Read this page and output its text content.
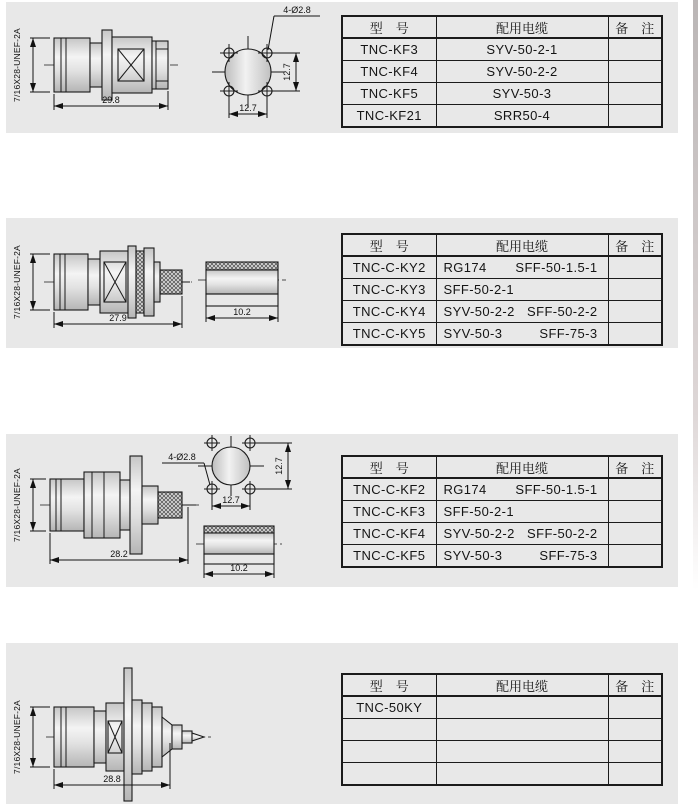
7/16X28-UNEF-2A	29.8
4-Ø2.8
12.7
12.7
型　号	配用电缆	备　注
TNC-KF3	SYV-50-2-1	

TNC-KF4	SYV-50-2-2	

TNC-KF5	SYV-50-3	

TNC-KF21	SRR50-4	

7/16X28-UNEF-2A	27.9
10.2
型　号	配用电缆	备　注
TNC-C-KY2	RG174 SFF-50-1.5-1	

TNC-C-KY3	SFF-50-2-1	

TNC-C-KY4	SYV-50-2-2 SFF-50-2-2	

TNC-C-KY5	SYV-50-3 SFF-75-3	

7/16X28-UNEF-2A
28.2
4-Ø2.8
12.7
12.7
10.2
型　号	配用电缆	备　注
TNC-C-KF2	RG174 SFF-50-1.5-1	

TNC-C-KF3	SFF-50-2-1	

TNC-C-KF4	SYV-50-2-2 SFF-50-2-2	

TNC-C-KF5	SYV-50-3 SFF-75-3	

7/16X28-UNEF-2A
28.8
型　号	配用电缆	备　注
TNC-50KY	
